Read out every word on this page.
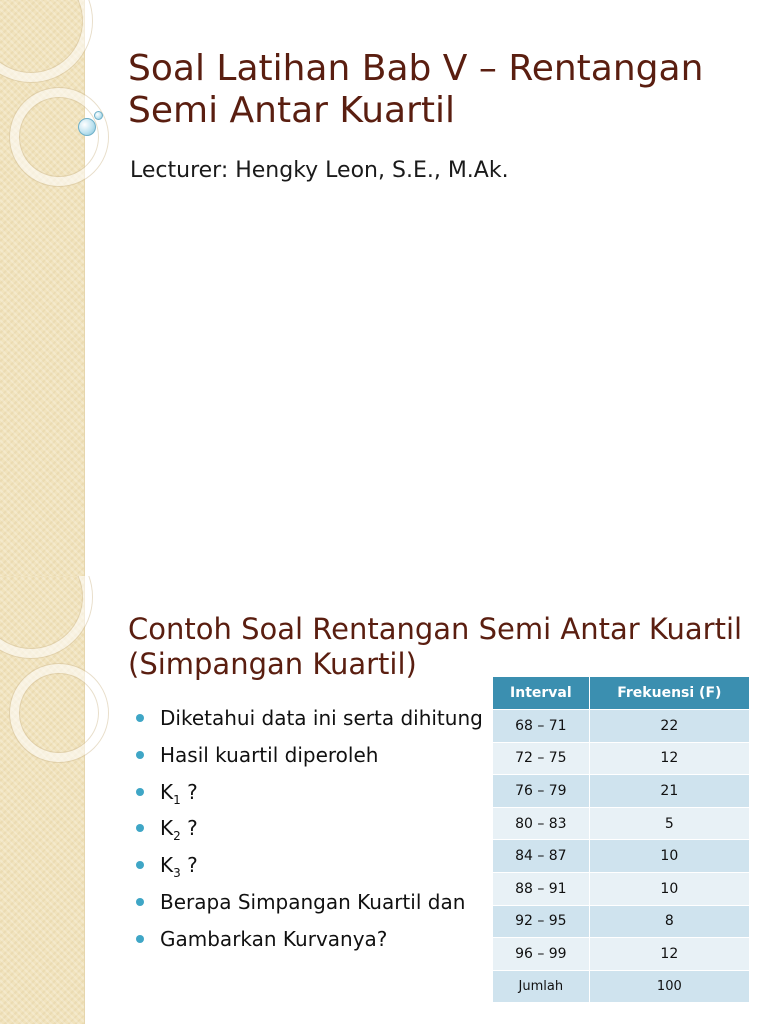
Soal Latihan Bab V – Rentangan Semi Antar Kuartil

Lecturer: Hengky Leon, S.E., M.Ak.

Contoh Soal Rentangan Semi Antar Kuartil (Simpangan Kuartil)
Diketahui data ini serta dihitung
Hasil kuartil diperoleh
$K_1$ ?
$K_2$ ?
$K_3$ ?
Berapa Simpangan Kuartil dan
Gambarkan Kurvanya?
Interval	Frekuensi (F)
68 – 71	22
72 – 75	12
76 – 79	21
80 – 83	5
84 – 87	10
88 – 91	10
92 – 95	8
96 – 99	12
Jumlah	100
